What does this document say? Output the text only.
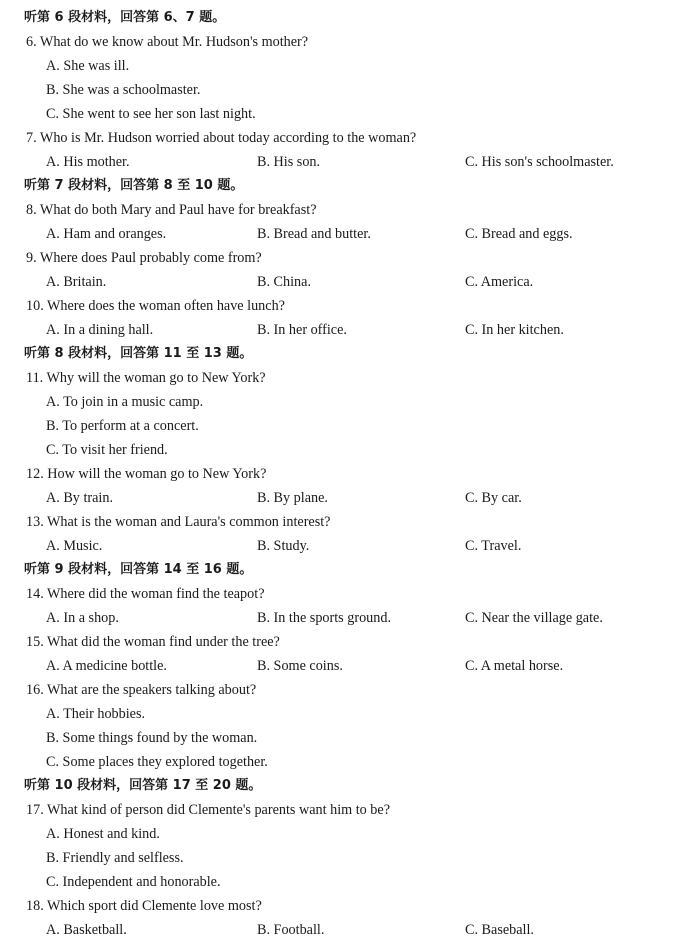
听第 6 段材料，回答第 6、7 题。
6. What do we know about Mr. Hudson's mother?
A. She was ill.
B. She was a schoolmaster.
C. She went to see her son last night.
7. Who is Mr. Hudson worried about today according to the woman?
A. His mother.	B. His son.	C. His son's schoolmaster.
听第 7 段材料，回答第 8 至 10 题。
8. What do both Mary and Paul have for breakfast?
A. Ham and oranges.	B. Bread and butter.	C. Bread and eggs.
9. Where does Paul probably come from?
A. Britain.	B. China.	C. America.
10. Where does the woman often have lunch?
A. In a dining hall.	B. In her office.	C. In her kitchen.
听第 8 段材料，回答第 11 至 13 题。
11. Why will the woman go to New York?
A. To join in a music camp.
B. To perform at a concert.
C. To visit her friend.
12. How will the woman go to New York?
A. By train.	B. By plane.	C. By car.
13. What is the woman and Laura's common interest?
A. Music.	B. Study.	C. Travel.
听第 9 段材料，回答第 14 至 16 题。
14. Where did the woman find the teapot?
A. In a shop.	B. In the sports ground.	C. Near the village gate.
15. What did the woman find under the tree?
A. A medicine bottle.	B. Some coins.	C. A metal horse.
16. What are the speakers talking about?
A. Their hobbies.
B. Some things found by the woman.
C. Some places they explored together.
听第 10 段材料，回答第 17 至 20 题。
17. What kind of person did Clemente's parents want him to be?
A. Honest and kind.
B. Friendly and selfless.
C. Independent and honorable.
18. Which sport did Clemente love most?
A. Basketball.	B. Football.	C. Baseball.
